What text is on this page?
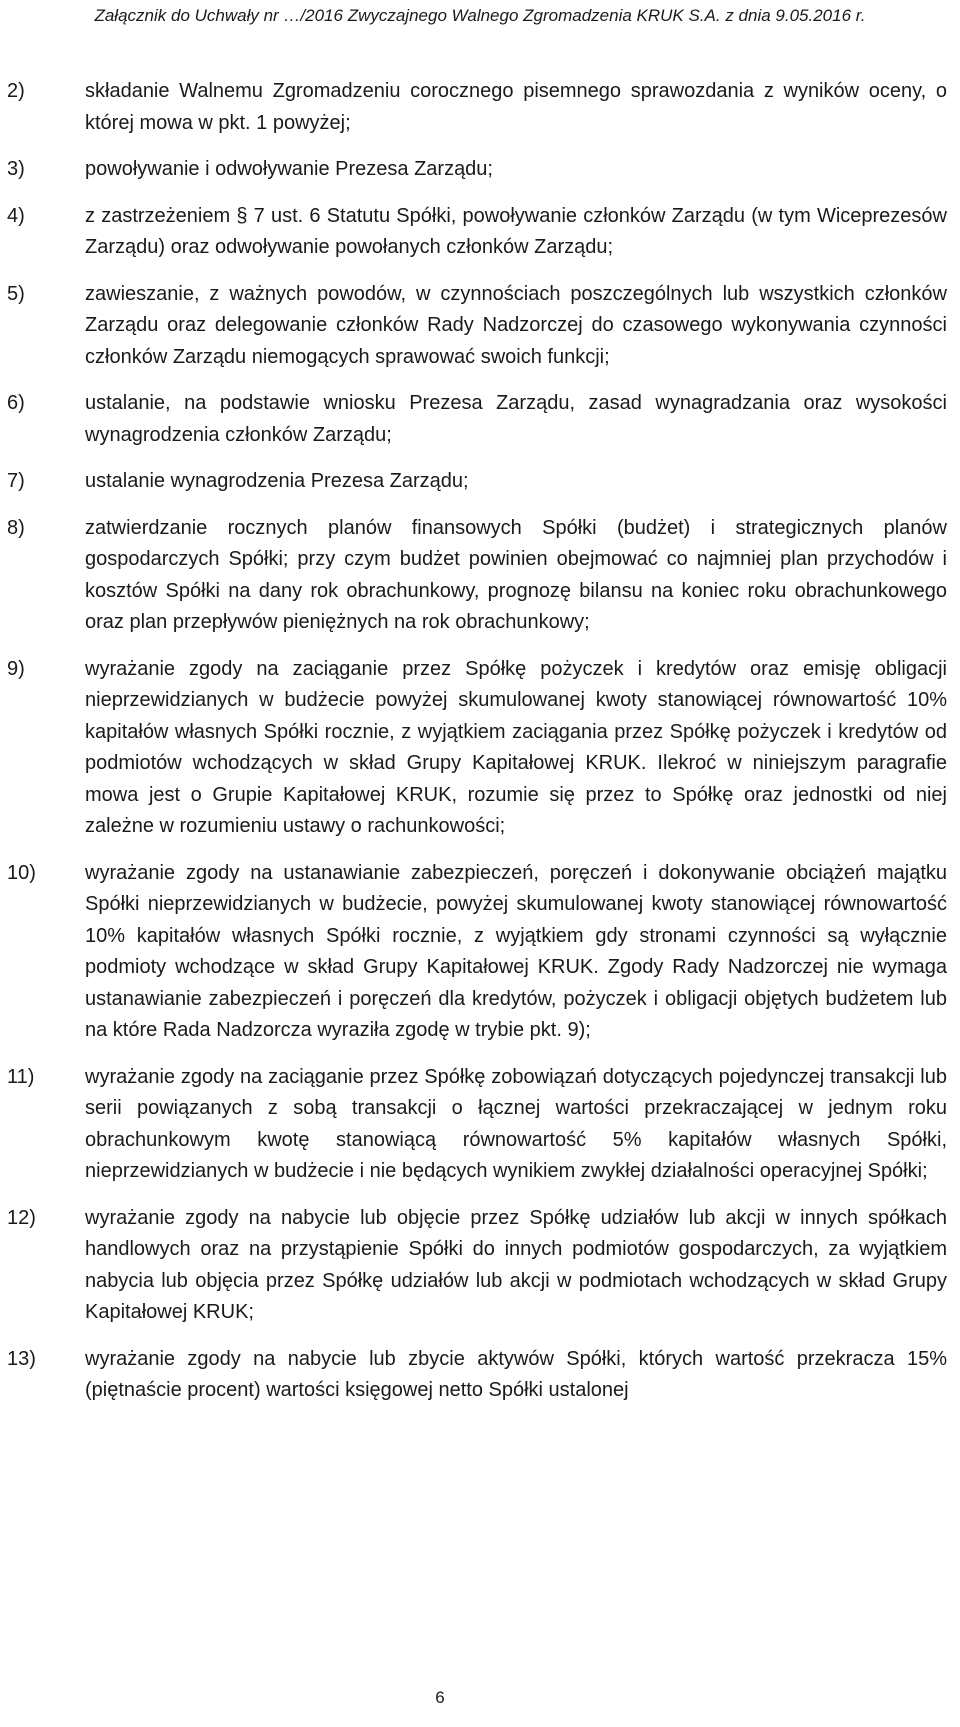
Załącznik do Uchwały nr …/2016 Zwyczajnego Walnego Zgromadzenia KRUK S.A. z dnia 9.05.2016 r.
2)	składanie Walnemu Zgromadzeniu corocznego pisemnego sprawozdania z wyników oceny, o której mowa w pkt. 1 powyżej;
3)	powoływanie i odwoływanie Prezesa Zarządu;
4)	z zastrzeżeniem § 7 ust. 6 Statutu Spółki, powoływanie członków Zarządu (w tym Wiceprezesów Zarządu) oraz odwoływanie powołanych członków Zarządu;
5)	zawieszanie, z ważnych powodów, w czynnościach poszczególnych lub wszystkich członków Zarządu oraz delegowanie członków Rady Nadzorczej do czasowego wykonywania czynności członków Zarządu niemogących sprawować swoich funkcji;
6)	ustalanie, na podstawie wniosku Prezesa Zarządu, zasad wynagradzania oraz wysokości wynagrodzenia członków Zarządu;
7)	ustalanie wynagrodzenia Prezesa Zarządu;
8)	zatwierdzanie rocznych planów finansowych Spółki (budżet) i strategicznych planów gospodarczych Spółki; przy czym budżet powinien obejmować co najmniej plan przychodów i kosztów Spółki na dany rok obrachunkowy, prognozę bilansu na koniec roku obrachunkowego oraz plan przepływów pieniężnych na rok obrachunkowy;
9)	wyrażanie zgody na zaciąganie przez Spółkę pożyczek i kredytów oraz emisję obligacji nieprzewidzianych w budżecie powyżej skumulowanej kwoty stanowiącej równowartość 10% kapitałów własnych Spółki rocznie, z wyjątkiem zaciągania przez Spółkę pożyczek i kredytów od podmiotów wchodzących w skład Grupy Kapitałowej KRUK. Ilekroć w niniejszym paragrafie mowa jest o Grupie Kapitałowej KRUK, rozumie się przez to Spółkę oraz jednostki od niej zależne w rozumieniu ustawy o rachunkowości;
10) wyrażanie zgody na ustanawianie zabezpieczeń, poręczeń i dokonywanie obciążeń majątku Spółki nieprzewidzianych w budżecie, powyżej skumulowanej kwoty stanowiącej równowartość 10% kapitałów własnych Spółki rocznie, z wyjątkiem gdy stronami czynności są wyłącznie podmioty wchodzące w skład Grupy Kapitałowej KRUK. Zgody Rady Nadzorczej nie wymaga ustanawianie zabezpieczeń i poręczeń dla kredytów, pożyczek i obligacji objętych budżetem lub na które Rada Nadzorcza wyraziła zgodę w trybie pkt. 9);
11)	wyrażanie zgody na zaciąganie przez Spółkę zobowiązań dotyczących pojedynczej transakcji lub serii powiązanych z sobą transakcji o łącznej wartości przekraczającej w jednym roku obrachunkowym kwotę stanowiącą równowartość 5% kapitałów własnych Spółki, nieprzewidzianych w budżecie i nie będących wynikiem zwykłej działalności operacyjnej Spółki;
12) wyrażanie zgody na nabycie lub objęcie przez Spółkę udziałów lub akcji w innych spółkach handlowych oraz na przystąpienie Spółki do innych podmiotów gospodarczych, za wyjątkiem nabycia lub objęcia przez Spółkę udziałów lub akcji w podmiotach wchodzących w skład Grupy Kapitałowej KRUK;
13) wyrażanie zgody na nabycie lub zbycie aktywów Spółki, których wartość przekracza 15% (piętnaście procent) wartości księgowej netto Spółki ustalonej
6
